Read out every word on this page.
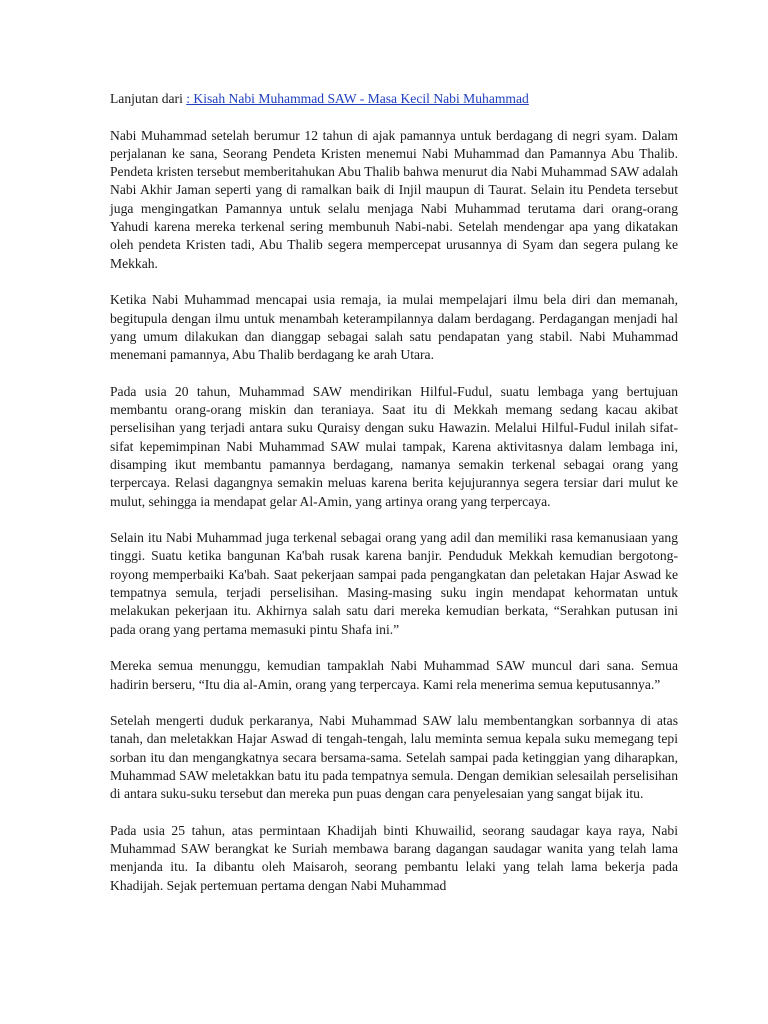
Lanjutan dari : Kisah Nabi Muhammad SAW - Masa Kecil Nabi Muhammad

Nabi Muhammad setelah berumur 12 tahun di ajak pamannya untuk berdagang di negri syam. Dalam perjalanan ke sana, Seorang Pendeta Kristen menemui Nabi Muhammad dan Pamannya Abu Thalib. Pendeta kristen tersebut memberitahukan Abu Thalib bahwa menurut dia Nabi Muhammad SAW adalah Nabi Akhir Jaman seperti yang di ramalkan baik di Injil maupun di Taurat. Selain itu Pendeta tersebut juga mengingatkan Pamannya untuk selalu menjaga Nabi Muhammad terutama dari orang-orang Yahudi karena mereka terkenal sering membunuh Nabi-nabi. Setelah mendengar apa yang dikatakan oleh pendeta Kristen tadi, Abu Thalib segera mempercepat urusannya di Syam dan segera pulang ke Mekkah.

Ketika Nabi Muhammad mencapai usia remaja, ia mulai mempelajari ilmu bela diri dan memanah, begitupula dengan ilmu untuk menambah keterampilannya dalam berdagang. Perdagangan menjadi hal yang umum dilakukan dan dianggap sebagai salah satu pendapatan yang stabil. Nabi Muhammad menemani pamannya, Abu Thalib berdagang ke arah Utara.

Pada usia 20 tahun, Muhammad SAW mendirikan Hilful-Fudul, suatu lembaga yang bertujuan membantu orang-orang miskin dan teraniaya. Saat itu di Mekkah memang sedang kacau akibat perselisihan yang terjadi antara suku Quraisy dengan suku Hawazin. Melalui Hilful-Fudul inilah sifat-sifat kepemimpinan Nabi Muhammad SAW mulai tampak, Karena aktivitasnya dalam lembaga ini, disamping ikut membantu pamannya berdagang, namanya semakin terkenal sebagai orang yang terpercaya. Relasi dagangnya semakin meluas karena berita kejujurannya segera tersiar dari mulut ke mulut, sehingga ia mendapat gelar Al-Amin, yang artinya orang yang terpercaya.

Selain itu Nabi Muhammad juga terkenal sebagai orang yang adil dan memiliki rasa kemanusiaan yang tinggi. Suatu ketika bangunan Ka'bah rusak karena banjir. Penduduk Mekkah kemudian bergotong-royong memperbaiki Ka'bah. Saat pekerjaan sampai pada pengangkatan dan peletakan Hajar Aswad ke tempatnya semula, terjadi perselisihan. Masing-masing suku ingin mendapat kehormatan untuk melakukan pekerjaan itu. Akhirnya salah satu dari mereka kemudian berkata, “Serahkan putusan ini pada orang yang pertama memasuki pintu Shafa ini.”

Mereka semua menunggu, kemudian tampaklah Nabi Muhammad SAW muncul dari sana. Semua hadirin berseru, “Itu dia al-Amin, orang yang terpercaya. Kami rela menerima semua keputusannya.”

Setelah mengerti duduk perkaranya, Nabi Muhammad SAW lalu membentangkan sorbannya di atas tanah, dan meletakkan Hajar Aswad di tengah-tengah, lalu meminta semua kepala suku memegang tepi sorban itu dan mengangkatnya secara bersama-sama. Setelah sampai pada ketinggian yang diharapkan, Muhammad SAW meletakkan batu itu pada tempatnya semula. Dengan demikian selesailah perselisihan di antara suku-suku tersebut dan mereka pun puas dengan cara penyelesaian yang sangat bijak itu.

Pada usia 25 tahun, atas permintaan Khadijah binti Khuwailid, seorang saudagar kaya raya, Nabi Muhammad SAW berangkat ke Suriah membawa barang dagangan saudagar wanita yang telah lama menjanda itu. Ia dibantu oleh Maisaroh, seorang pembantu lelaki yang telah lama bekerja pada Khadijah. Sejak pertemuan pertama dengan Nabi Muhammad
